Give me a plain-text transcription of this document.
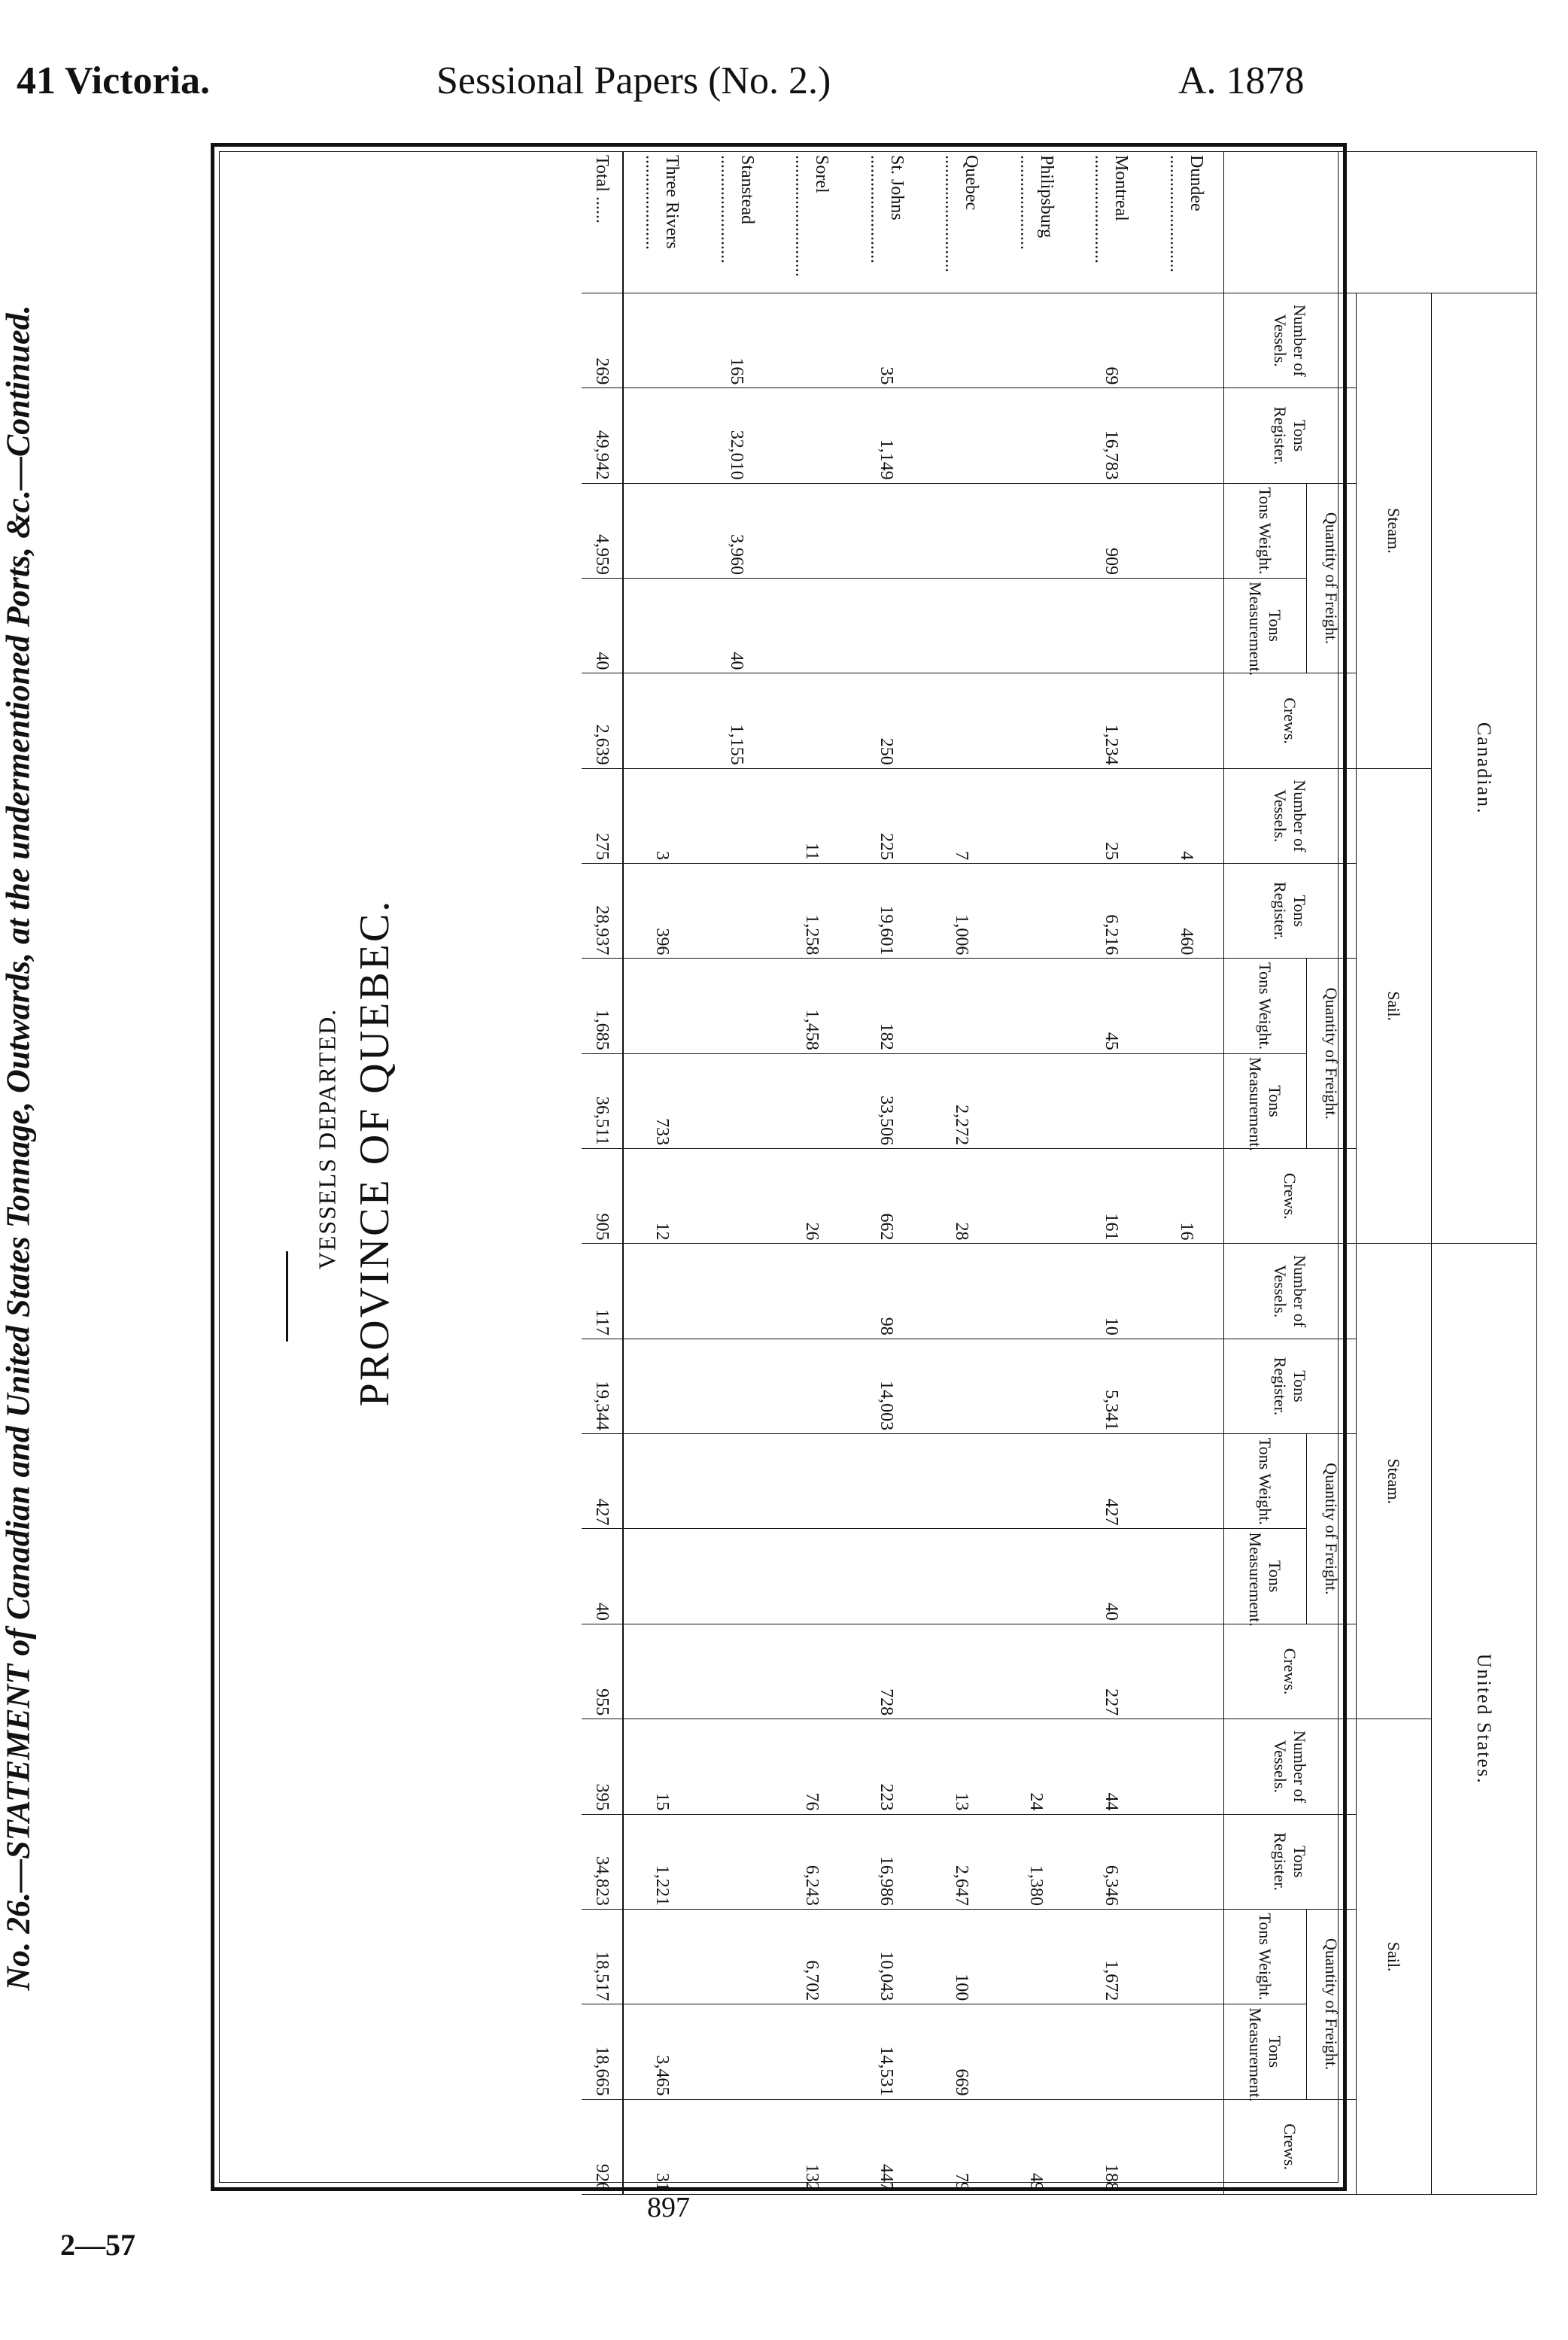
41 Victoria.	Sessional Papers (No. 2.)	A. 1878
No. 26.—STATEMENT of Canadian and United States Tonnage, Outwards, at the undermentioned Ports, &c.—Continued.
2—57
897
PROVINCE OF QUEBEC.
VESSELS DEPARTED.
	Canadian.										United States.									
	Steam.					Sail.					Steam.					Sail.				
	Number of Vessels.	Tons Register.	Quantity of Freight.		Crews.	Number of Vessels.	Tons Register.	Quantity of Freight.		Crews.	Number of Vessels.	Tons Register.	Quantity of Freight.		Crews.	Number of Vessels.	Tons Register.	Quantity of Freight.		Crews.
			Tons Weight.	Tons Measurement.				Tons Weight.	Tons Measurement.				Tons Weight.	Tons Measurement.				Tons Weight.	Tons Measurement.	
Dundee ..........................						4	460			16										
Montreal ........................	69	16,783	909		1,234	25	6,216	45		161	10	5,341	427	40	227	44	6,346	1,672		188
Philipsburg .....................																24	1,380			49
Quebec ..........................						7	1,006		2,272	28						13	2,647	100	669	79
St. Johns ........................	35	1,149			250	225	19,601	182	33,506	662	98	14,003			728	223	16,986	10,043	14,531	447
Sorel ...........................						11	1,258	1,458		26						76	6,243	6,702		132
Stanstead ........................	165	32,010	3,960	40	1,155															
Three Rivers .....................						3	396		733	12						15	1,221		3,465	31
Total ......	269	49,942	4,959	40	2,639	275	28,937	1,685	36,511	905	117	19,344	427	40	955	395	34,823	18,517	18,665	926
